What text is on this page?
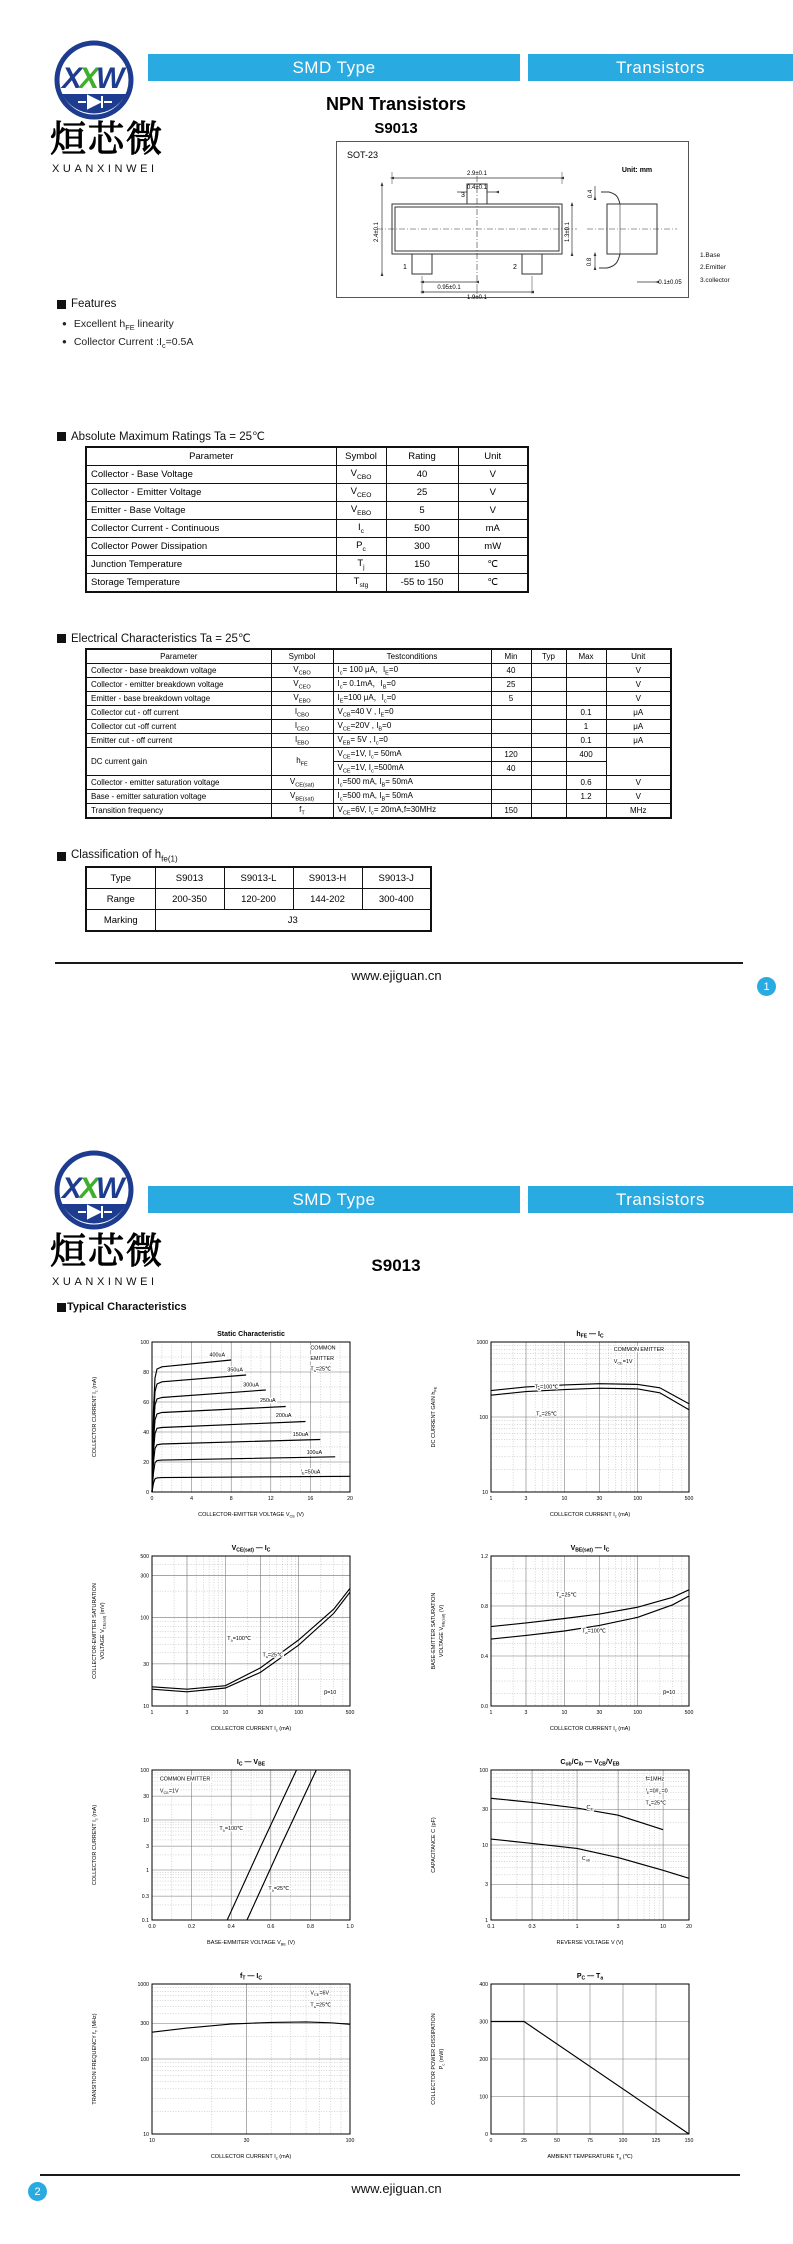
X
X
W
烜芯微
XUANXINWEI
SMD Type	Transistors
NPN Transistors
S9013
SOT-23
Unit: mm
2.9±0.1
0.4±0.1
2.4±0.1	1.3±0.1
0.95±0.1
1.9±0.1
3
1	2
0.4
0.8
0.1±0.05
1.Base
2.Emitter
3.collector
Features
● Excellent $h_{FE}$ linearity
● Collector Current $:I_c=0.5A$
Absolute Maximum Ratings Ta = 25℃
Parameter	Symbol	Rating	Unit
Collector - Base Voltage	$V_{CBO}$	40	V
Collector - Emitter Voltage	$V_{CEO}$	25	V
Emitter - Base Voltage	$V_{EBO}$	5	V
Collector Current - Continuous	$I_c$	500	mA
Collector Power Dissipation	$P_c$	300	mW
Junction Temperature	$T_j$	150	℃
Storage Temperature	$T_{stg}$	-55 to 150	℃
Electrical Characteristics Ta = 25℃
Parameter	Symbol	Testconditions	Min	Typ	Max	Unit
Collector - base breakdown voltage	$V_{CBO}$	$I_c= 100$ μA，$I_E=0$	40			V
Collector - emitter breakdown voltage	$V_{CEO}$	$I_c= 0.1mA$，$I_B=0$	25			V
Emitter - base breakdown voltage	$V_{EBO}$	$I_E=100$ μA，$I_c=0$	5			V
Collector cut - off current	$I_{CBO}$	$V_{CB}=40$ V , $I_E=0$			0.1	μA
Collector cut -off current	$I_{CEO}$	$V_{CE}=20V$ , $I_B=0$			1	μA
Emitter cut - off current	$I_{EBO}$	$V_{EB}= 5V$ , $I_c=0$			0.1	μA
DC current gain	$h_{FE}$	$V_{CE}=1V$, $I_c= 50mA$	120		400	
		$V_{CE}=1V$, $I_c=500mA$	40			
Collector - emitter saturation voltage	$V_{CE(sat)}$	$I_c=500$ mA, $I_B= 50mA$			0.6	V
Base - emitter saturation voltage	$V_{BE(sat)}$	$I_c=500$ mA, $I_B= 50mA$			1.2	V
Transition frequency	$f_T$	$V_{CE}=6V$, $I_c= 20mA,f=30MHz$	150			MHz
Classification of $h_{fe(1)}$
Type	S9013	S9013-L	S9013-H	S9013-J
Range	200-350	120-200	144-202	300-400
Marking	J3			
www.ejiguan.cn
1
X
X
W
烜芯微
XUANXINWEI
SMD Type	Transistors
S9013
Typical Characteristics
0	4	8	12	16	20
0
20
40
60
80
100
COMMON
EMITTER
$T_a=25℃$
400uA
350uA
300uA
250uA
200uA
150uA
100uA
$I_B=50uA$
Static Characteristic
COLLECTOR-EMITTER VOLTAGE $V_{CE}$ (V)
COLLECTOR CURRENT $I_c$ (mA)
1	3	10	30	100	500
10
100
1000
COMMON EMITTER
$V_{CE}=1V$
$T_a=100℃$
$T_a=25℃$
hFE — IC
COLLECTOR CURRENT $I_c$ (mA)
DC CURRENT GAIN $h_{FE}$
1	3	10	30	100	500
10
30
100
300
500
$T_a=100℃$
$T_a=25℃$
β=10
VCE(sat) — IC
COLLECTOR CURRENT $I_c$ (mA)
COLLECTOR-EMITTER SATURATION VOLTAGE $V_{CE(sat)}$ (mV)
1	3	10	30	100	500
0.0
0.4
0.8
1.2
$T_a=25℃$
$T_a=100℃$
β=10
VBE(sat) — IC
COLLECTOR CURRENT $I_c$ (mA)
BASE-EMITTER SATURATION VOLTAGE $V_{BE(sat)}$ (V)
0.0	0.2	0.4	0.6	0.8	1.0
0.1
0.3
1
3
10
30
100
COMMON EMITTER
$V_{CE}=1V$
$T_a=100℃$
$T_a=25℃$
IC — VBE
BASE-EMMITER VOLTAGE $V_{BE}$ (V)
COLLECTOR CURRENT $I_c$ (mA)
0.1	0.3	1	3	10	20
1
3
10
30
100
f=1MHz
$I_E=0/I_C=0$
$T_a=25℃$
$C_{ib}$
$C_{ob}$
Cob/Cib — VCB/VEB
REVERSE VOLTAGE V (V)
CAPACITANCE C (pF)
10	30	100
10
100
300
1000
$V_{CE}=6V$
$T_a=25℃$
fT — IC
COLLECTOR CURRENT $I_c$ (mA)
TRANSITION FREQUENCY $f_T$ (MHz)
0	25	50	75	100	125	150
0
100
200
300
400
PC — Ta
AMBIENT TEMPERATURE $T_a$ (℃)
COLLECTOR POWER DISSIPATION $P_c$ (mW)
www.ejiguan.cn
2
